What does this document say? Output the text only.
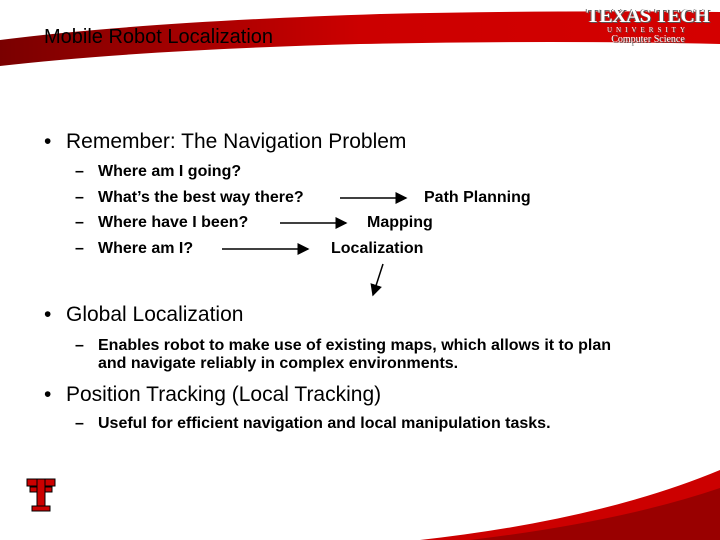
Mobile Robot Localization
TEXAS TECH
UNIVERSITY
Computer Science
• Remember: The Navigation Problem
– Where am I going?
– What’s the best way there?
– Where have I been?
– Where am I?
Path Planning
Mapping
Localization
• Global Localization
– Enables robot to make use of existing maps, which allows it to plan
and navigate reliably in complex environments.
• Position Tracking (Local Tracking)
– Useful for efficient navigation and local manipulation tasks.
